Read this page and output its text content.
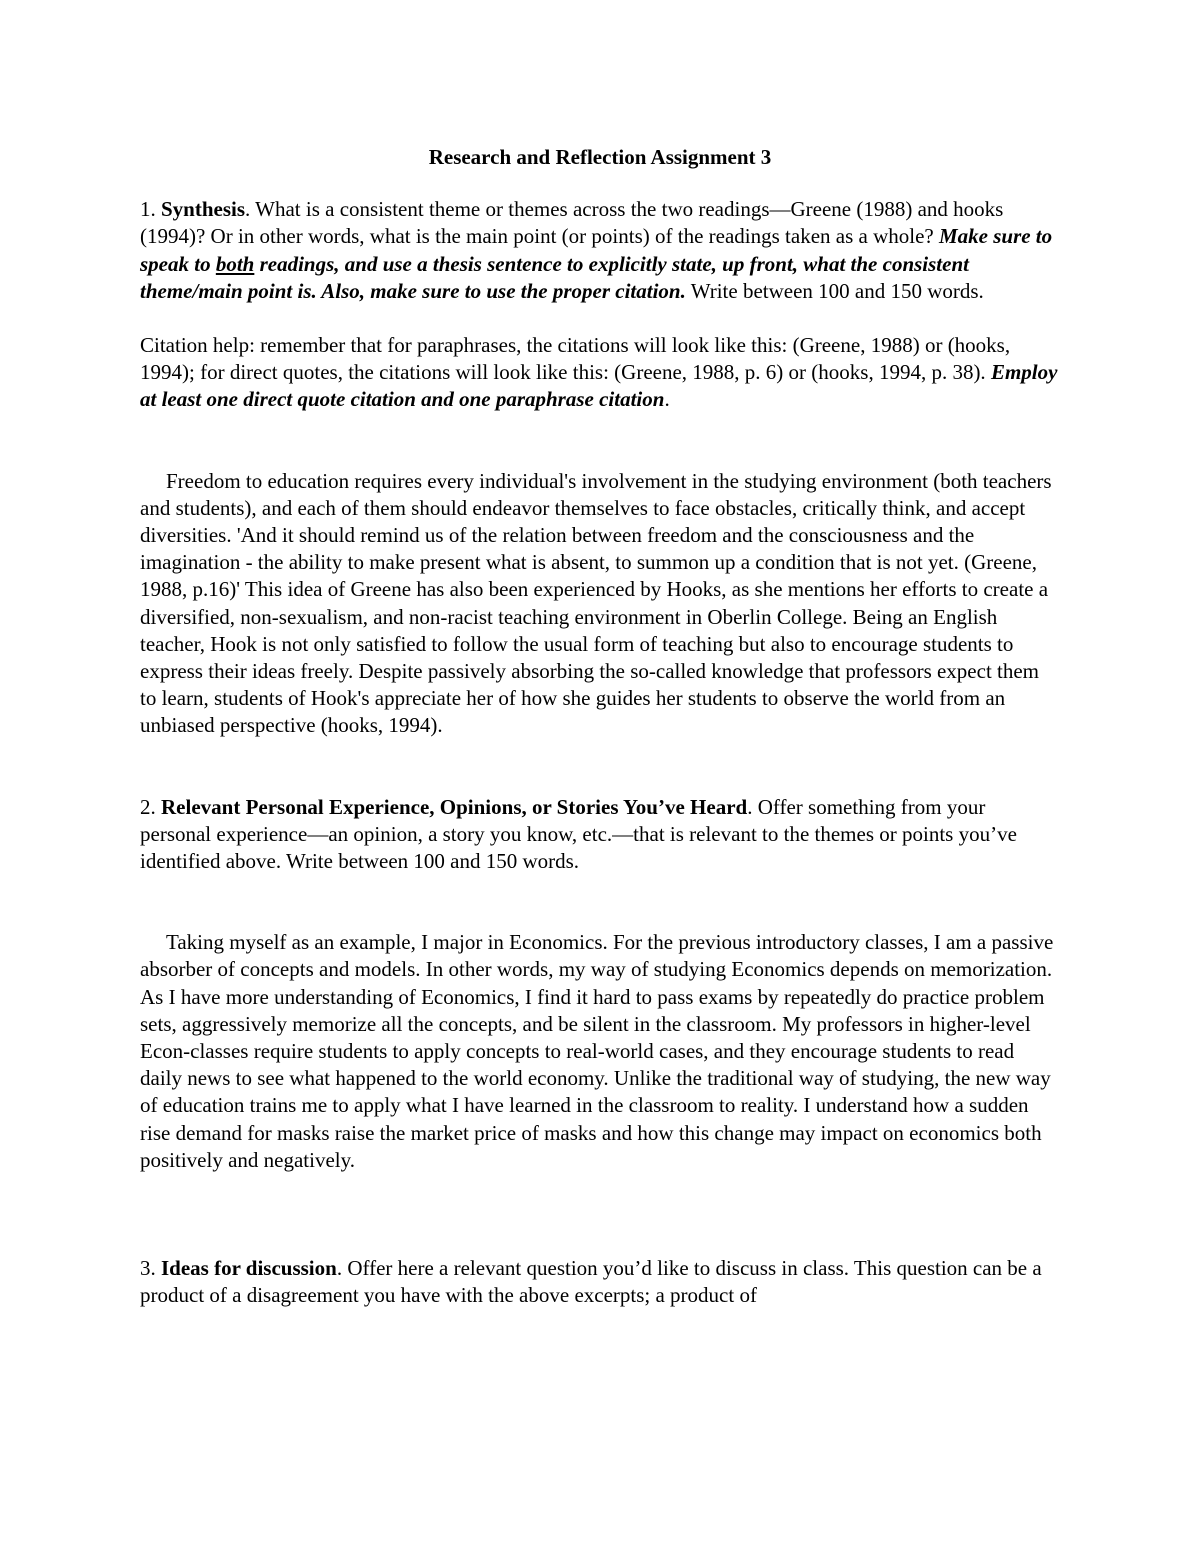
Research and Reflection Assignment 3

1. Synthesis. What is a consistent theme or themes across the two readings—Greene (1988) and hooks (1994)? Or in other words, what is the main point (or points) of the readings taken as a whole? Make sure to speak to both readings, and use a thesis sentence to explicitly state, up front, what the consistent theme/main point is. Also, make sure to use the proper citation. Write between 100 and 150 words.

Citation help: remember that for paraphrases, the citations will look like this: (Greene, 1988) or (hooks, 1994); for direct quotes, the citations will look like this: (Greene, 1988, p. 6) or (hooks, 1994, p. 38). Employ at least one direct quote citation and one paraphrase citation.

Freedom to education requires every individual's involvement in the studying environment (both teachers and students), and each of them should endeavor themselves to face obstacles, critically think, and accept diversities. 'And it should remind us of the relation between freedom and the consciousness and the imagination - the ability to make present what is absent, to summon up a condition that is not yet. (Greene, 1988, p.16)' This idea of Greene has also been experienced by Hooks, as she mentions her efforts to create a diversified, non-sexualism, and non-racist teaching environment in Oberlin College. Being an English teacher, Hook is not only satisfied to follow the usual form of teaching but also to encourage students to express their ideas freely. Despite passively absorbing the so-called knowledge that professors expect them to learn, students of Hook's appreciate her of how she guides her students to observe the world from an unbiased perspective (hooks, 1994).

2. Relevant Personal Experience, Opinions, or Stories You’ve Heard. Offer something from your personal experience—an opinion, a story you know, etc.—that is relevant to the themes or points you’ve identified above. Write between 100 and 150 words.

Taking myself as an example, I major in Economics. For the previous introductory classes, I am a passive absorber of concepts and models. In other words, my way of studying Economics depends on memorization. As I have more understanding of Economics, I find it hard to pass exams by repeatedly do practice problem sets, aggressively memorize all the concepts, and be silent in the classroom. My professors in higher-level Econ-classes require students to apply concepts to real-world cases, and they encourage students to read daily news to see what happened to the world economy. Unlike the traditional way of studying, the new way of education trains me to apply what I have learned in the classroom to reality. I understand how a sudden rise demand for masks raise the market price of masks and how this change may impact on economics both positively and negatively.

3. Ideas for discussion. Offer here a relevant question you’d like to discuss in class. This question can be a product of a disagreement you have with the above excerpts; a product of
